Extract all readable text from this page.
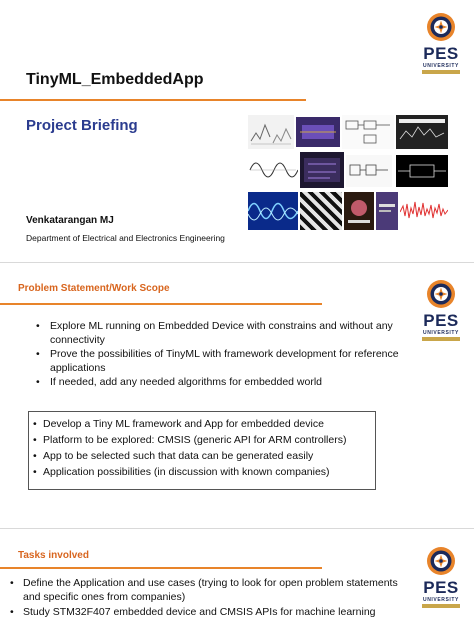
PES
UNIVERSITY
TinyML_EmbeddedApp
Project Briefing
Venkatarangan MJ
Department of Electrical and Electronics Engineering
PES
UNIVERSITY
Problem Statement/Work Scope
• Explore ML running on Embedded Device with constrains and without any connectivity
• Prove the possibilities of TinyML with framework development for reference applications
• If needed, add any needed algorithms for embedded world
• Develop a Tiny ML framework and App for embedded device
• Platform to be explored: CMSIS (generic API for ARM controllers)
• App to be selected such that data can be generated easily
• Application possibilities (in discussion with known companies)
PES
UNIVERSITY
Tasks involved
• Define the Application and use cases (trying to look for open problem statements and specific ones from companies)
• Study STM32F407 embedded device and CMSIS APIs for machine learning
